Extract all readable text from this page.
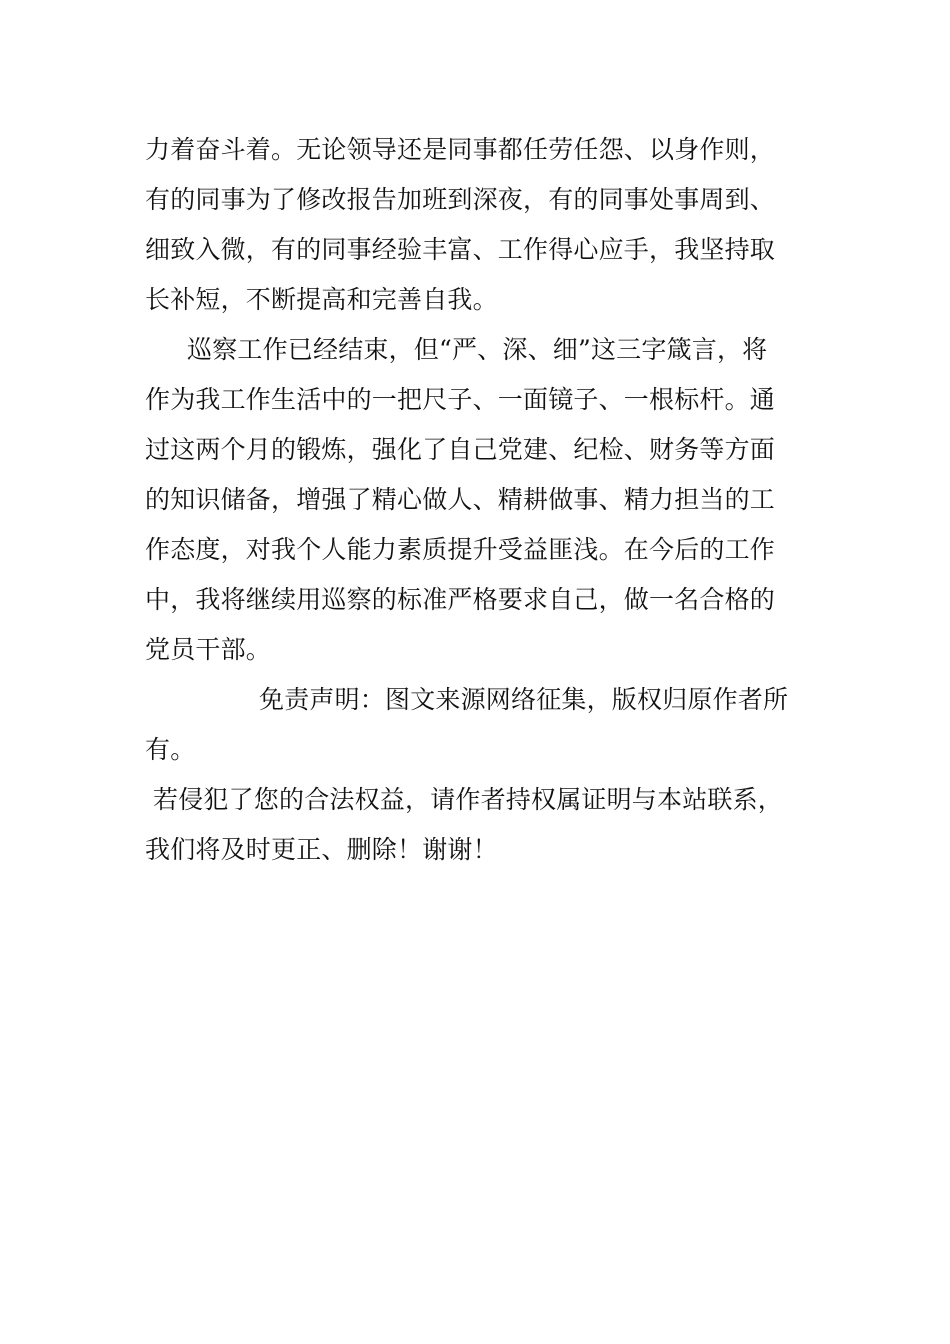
力着奋斗着。无论领导还是同事都任劳任怨、以身作则，
有的同事为了修改报告加班到深夜，有的同事处事周到、
细致入微，有的同事经验丰富、工作得心应手，我坚持取
长补短，不断提高和完善自我。
巡察工作已经结束，但“严、深、细”这三字箴言，将
作为我工作生活中的一把尺子、一面镜子、一根标杆。通
过这两个月的锻炼，强化了自己党建、纪检、财务等方面
的知识储备，增强了精心做人、精耕做事、精力担当的工
作态度，对我个人能力素质提升受益匪浅。在今后的工作
中，我将继续用巡察的标准严格要求自己，做一名合格的
党员干部。
免责声明：图文来源网络征集，版权归原作者所
有。
若侵犯了您的合法权益，请作者持权属证明与本站联系，
我们将及时更正、删除！谢谢！
